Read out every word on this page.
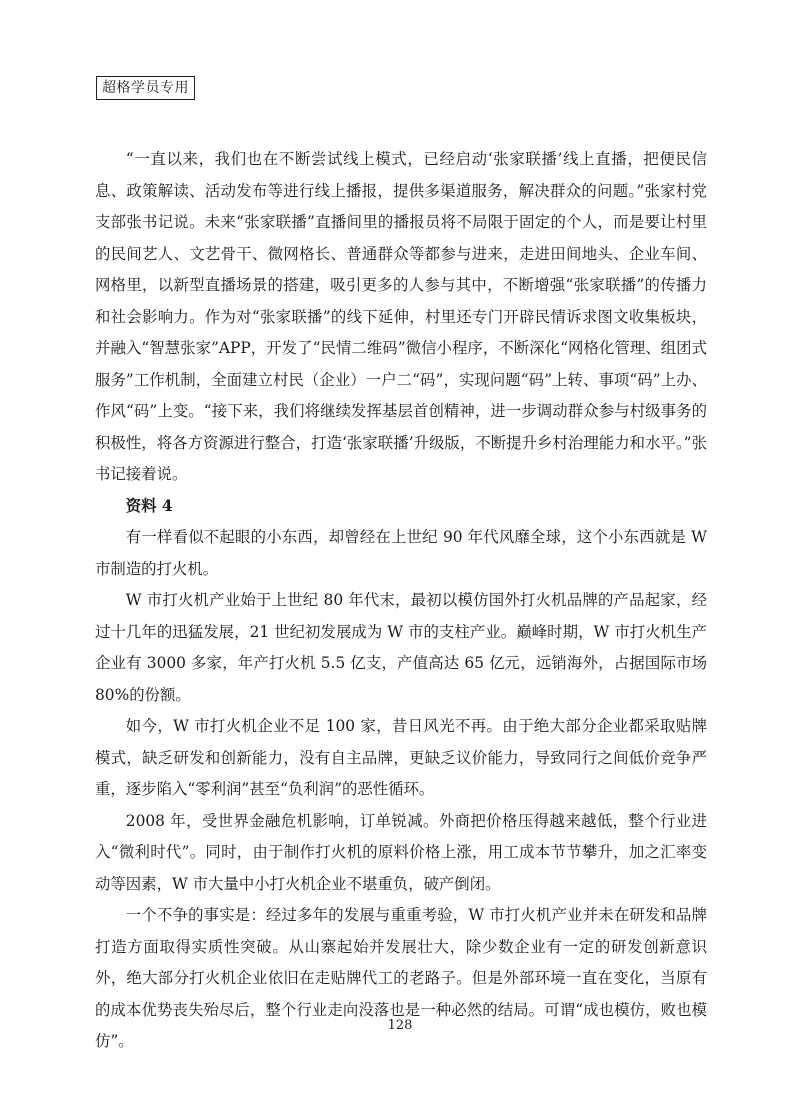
超格学员专用

“一直以来，我们也在不断尝试线上模式，已经启动‘张家联播’线上直播，把便民信息、政策解读、活动发布等进行线上播报，提供多渠道服务，解决群众的问题。”张家村党支部张书记说。未来“张家联播”直播间里的播报员将不局限于固定的个人，而是要让村里的民间艺人、文艺骨干、微网格长、普通群众等都参与进来，走进田间地头、企业车间、网格里，以新型直播场景的搭建，吸引更多的人参与其中，不断增强“张家联播”的传播力和社会影响力。作为对“张家联播”的线下延伸，村里还专门开辟民情诉求图文收集板块，并融入“智慧张家”APP，开发了“民情二维码”微信小程序，不断深化“网格化管理、组团式服务”工作机制，全面建立村民（企业）一户二“码”，实现问题“码”上转、事项“码”上办、作风“码”上变。“接下来，我们将继续发挥基层首创精神，进一步调动群众参与村级事务的积极性，将各方资源进行整合，打造‘张家联播’升级版，不断提升乡村治理能力和水平。”张书记接着说。

资料 4

有一样看似不起眼的小东西，却曾经在上世纪 90 年代风靡全球，这个小东西就是 W 市制造的打火机。

W 市打火机产业始于上世纪 80 年代末，最初以模仿国外打火机品牌的产品起家，经过十几年的迅猛发展，21 世纪初发展成为 W 市的支柱产业。巅峰时期，W 市打火机生产企业有 3000 多家，年产打火机 5.5 亿支，产值高达 65 亿元，远销海外，占据国际市场 80%的份额。

如今，W 市打火机企业不足 100 家，昔日风光不再。由于绝大部分企业都采取贴牌模式，缺乏研发和创新能力，没有自主品牌，更缺乏议价能力，导致同行之间低价竞争严重，逐步陷入“零利润”甚至“负利润”的恶性循环。

2008 年，受世界金融危机影响，订单锐减。外商把价格压得越来越低，整个行业进入“微利时代”。同时，由于制作打火机的原料价格上涨，用工成本节节攀升，加之汇率变动等因素，W 市大量中小打火机企业不堪重负，破产倒闭。

一个不争的事实是：经过多年的发展与重重考验，W 市打火机产业并未在研发和品牌打造方面取得实质性突破。从山寨起始并发展壮大，除少数企业有一定的研发创新意识外，绝大部分打火机企业依旧在走贴牌代工的老路子。但是外部环境一直在变化，当原有的成本优势丧失殆尽后，整个行业走向没落也是一种必然的结局。可谓“成也模仿，败也模仿”。

128
